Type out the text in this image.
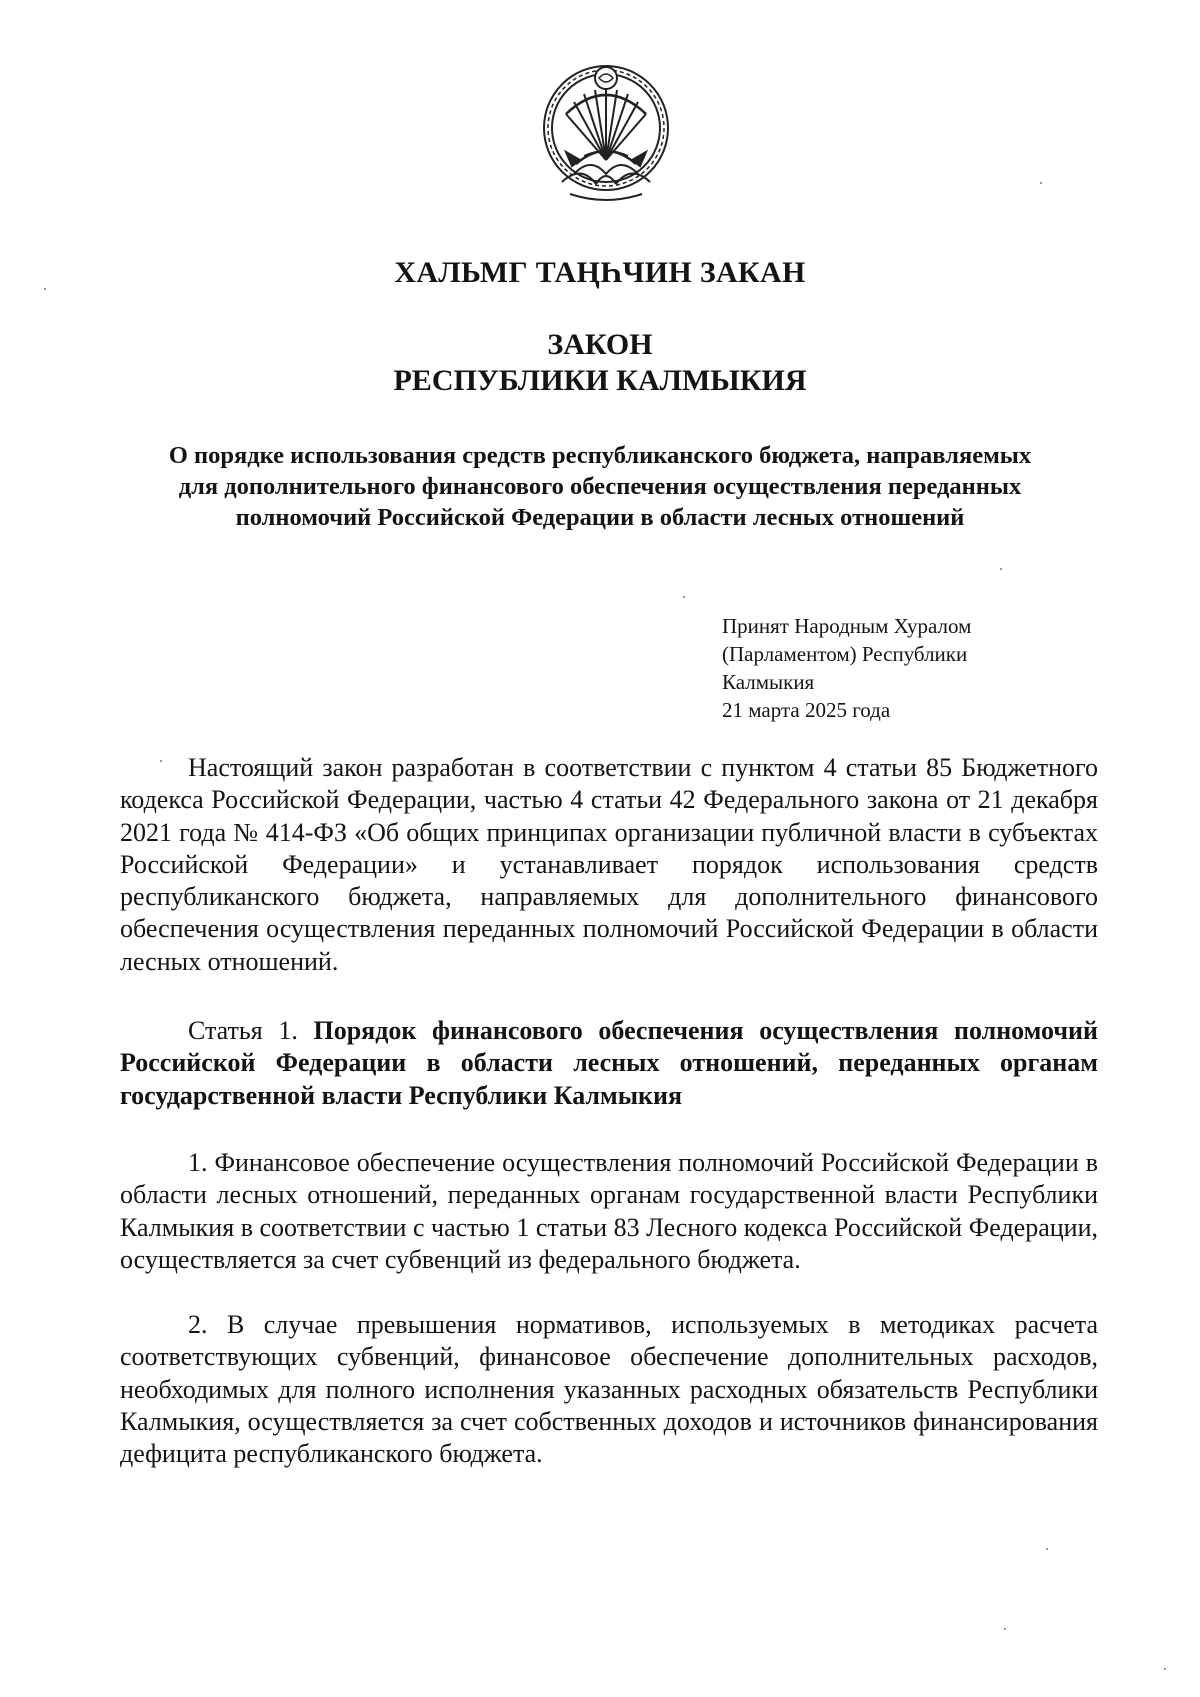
ХАЛЬМГ ТАҢҺЧИН ЗАКАН
ЗАКОН
РЕСПУБЛИКИ КАЛМЫКИЯ
О порядке использования средств республиканского бюджета, направляемых для дополнительного финансового обеспечения осуществления переданных полномочий Российской Федерации в области лесных отношений
Принят Народным Хуралом
(Парламентом) Республики
Калмыкия
21 марта 2025 года
Настоящий закон разработан в соответствии с пунктом 4 статьи 85 Бюджетного кодекса Российской Федерации, частью 4 статьи 42 Федерального закона от 21 декабря 2021 года № 414-ФЗ «Об общих принципах организации публичной власти в субъектах Российской Федерации» и устанавливает порядок использования средств республиканского бюджета, направляемых для дополнительного финансового обеспечения осуществления переданных полномочий Российской Федерации в области лесных отношений.
Статья 1. Порядок финансового обеспечения осуществления полномочий Российской Федерации в области лесных отношений, переданных органам государственной власти Республики Калмыкия
1. Финансовое обеспечение осуществления полномочий Российской Федерации в области лесных отношений, переданных органам государственной власти Республики Калмыкия в соответствии с частью 1 статьи 83 Лесного кодекса Российской Федерации, осуществляется за счет субвенций из федерального бюджета.
2. В случае превышения нормативов, используемых в методиках расчета соответствующих субвенций, финансовое обеспечение дополнительных расходов, необходимых для полного исполнения указанных расходных обязательств Республики Калмыкия, осуществляется за счет собственных доходов и источников финансирования дефицита республиканского бюджета.
